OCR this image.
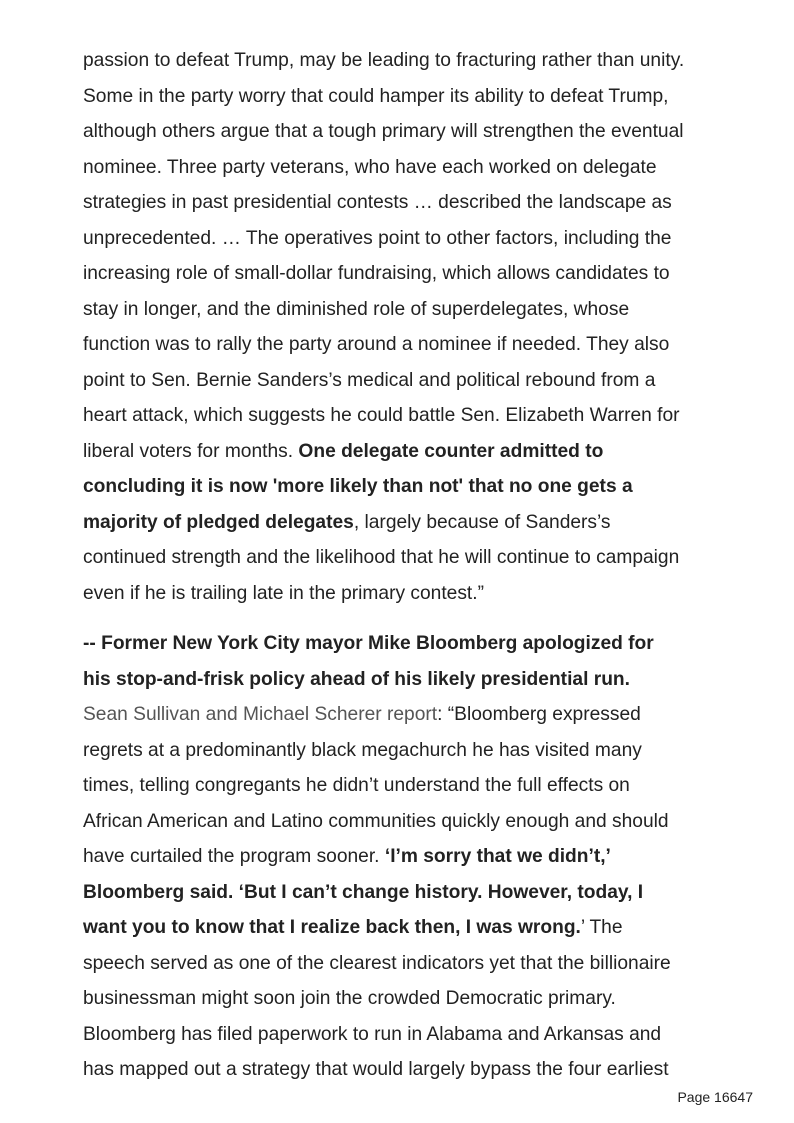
passion to defeat Trump, may be leading to fracturing rather than unity.
Some in the party worry that could hamper its ability to defeat Trump,
although others argue that a tough primary will strengthen the eventual
nominee. Three party veterans, who have each worked on delegate
strategies in past presidential contests … described the landscape as
unprecedented. … The operatives point to other factors, including the
increasing role of small-dollar fundraising, which allows candidates to
stay in longer, and the diminished role of superdelegates, whose
function was to rally the party around a nominee if needed. They also
point to Sen. Bernie Sanders’s medical and political rebound from a
heart attack, which suggests he could battle Sen. Elizabeth Warren for
liberal voters for months. One delegate counter admitted to
concluding it is now 'more likely than not' that no one gets a
majority of pledged delegates, largely because of Sanders’s
continued strength and the likelihood that he will continue to campaign
even if he is trailing late in the primary contest.”

-- Former New York City mayor Mike Bloomberg apologized for
his stop-and-frisk policy ahead of his likely presidential run.
Sean Sullivan and Michael Scherer report: “Bloomberg expressed
regrets at a predominantly black megachurch he has visited many
times, telling congregants he didn’t understand the full effects on
African American and Latino communities quickly enough and should
have curtailed the program sooner. ‘I’m sorry that we didn’t,’
Bloomberg said. ‘But I can’t change history. However, today, I
want you to know that I realize back then, I was wrong.’ The
speech served as one of the clearest indicators yet that the billionaire
businessman might soon join the crowded Democratic primary.
Bloomberg has filed paperwork to run in Alabama and Arkansas and
has mapped out a strategy that would largely bypass the four earliest

Page 16647
